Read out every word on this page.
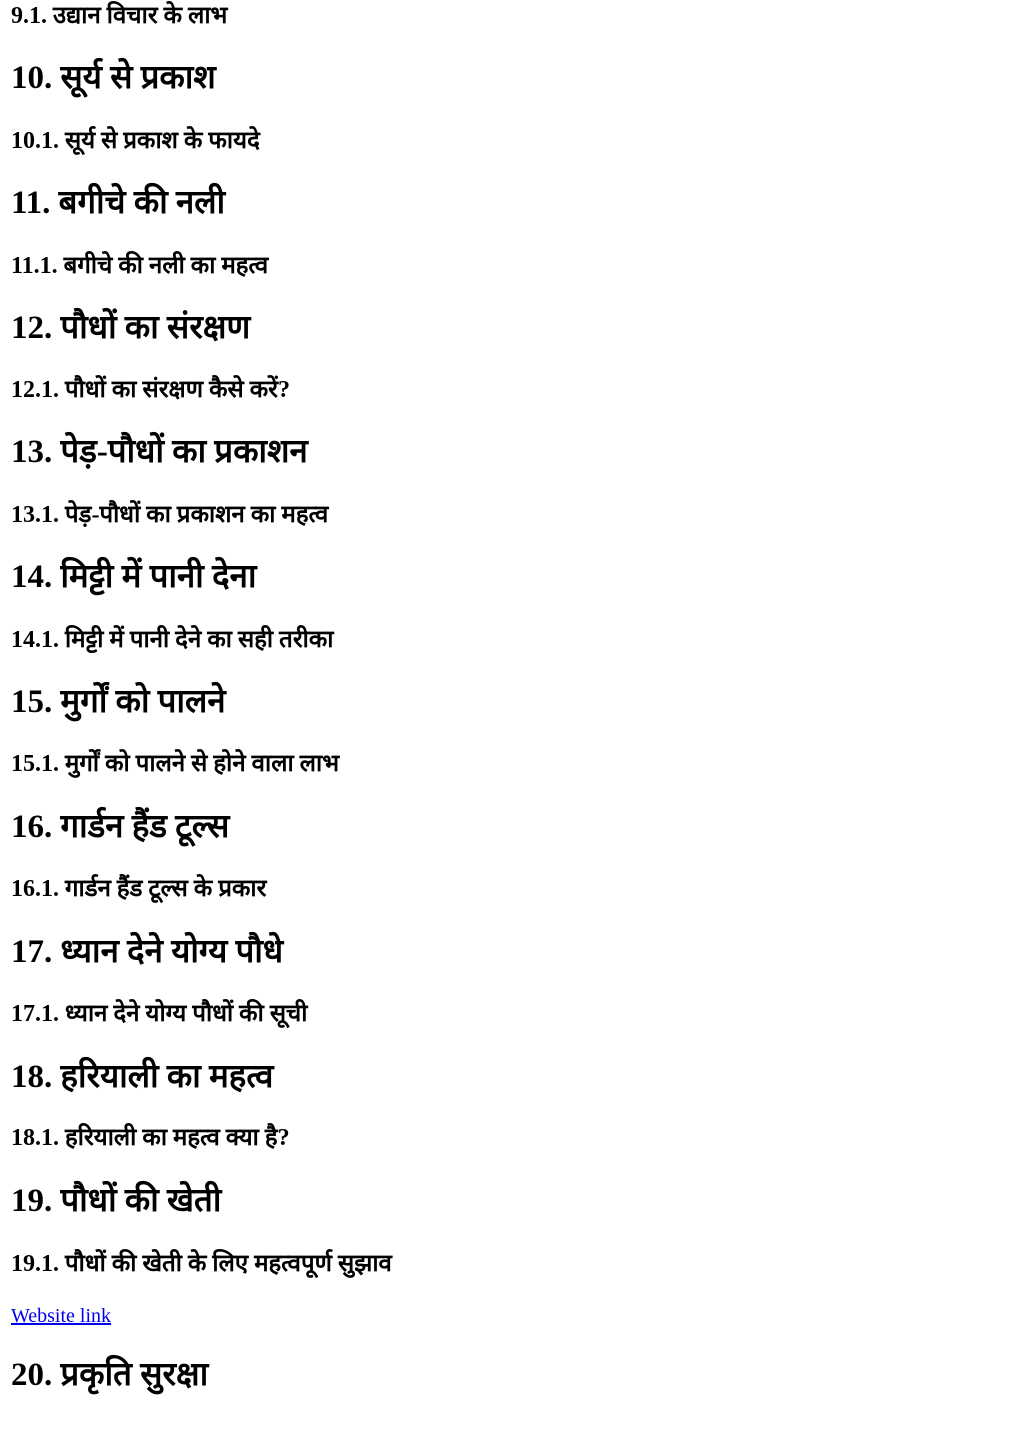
9.1. उद्यान विचार के लाभ
10. सूर्य से प्रकाश
10.1. सूर्य से प्रकाश के फायदे
11. बगीचे की नली
11.1. बगीचे की नली का महत्व
12. पौधों का संरक्षण
12.1. पौधों का संरक्षण कैसे करें?
13. पेड़-पौधों का प्रकाशन
13.1. पेड़-पौधों का प्रकाशन का महत्व
14. मिट्टी में पानी देना
14.1. मिट्टी में पानी देने का सही तरीका
15. मुर्गों को पालने
15.1. मुर्गों को पालने से होने वाला लाभ
16. गार्डन हैंड टूल्स
16.1. गार्डन हैंड टूल्स के प्रकार
17. ध्यान देने योग्य पौधे
17.1. ध्यान देने योग्य पौधों की सूची
18. हरियाली का महत्व
18.1. हरियाली का महत्व क्या है?
19. पौधों की खेती
19.1. पौधों की खेती के लिए महत्वपूर्ण सुझाव
Website link
20. प्रकृति सुरक्षा
